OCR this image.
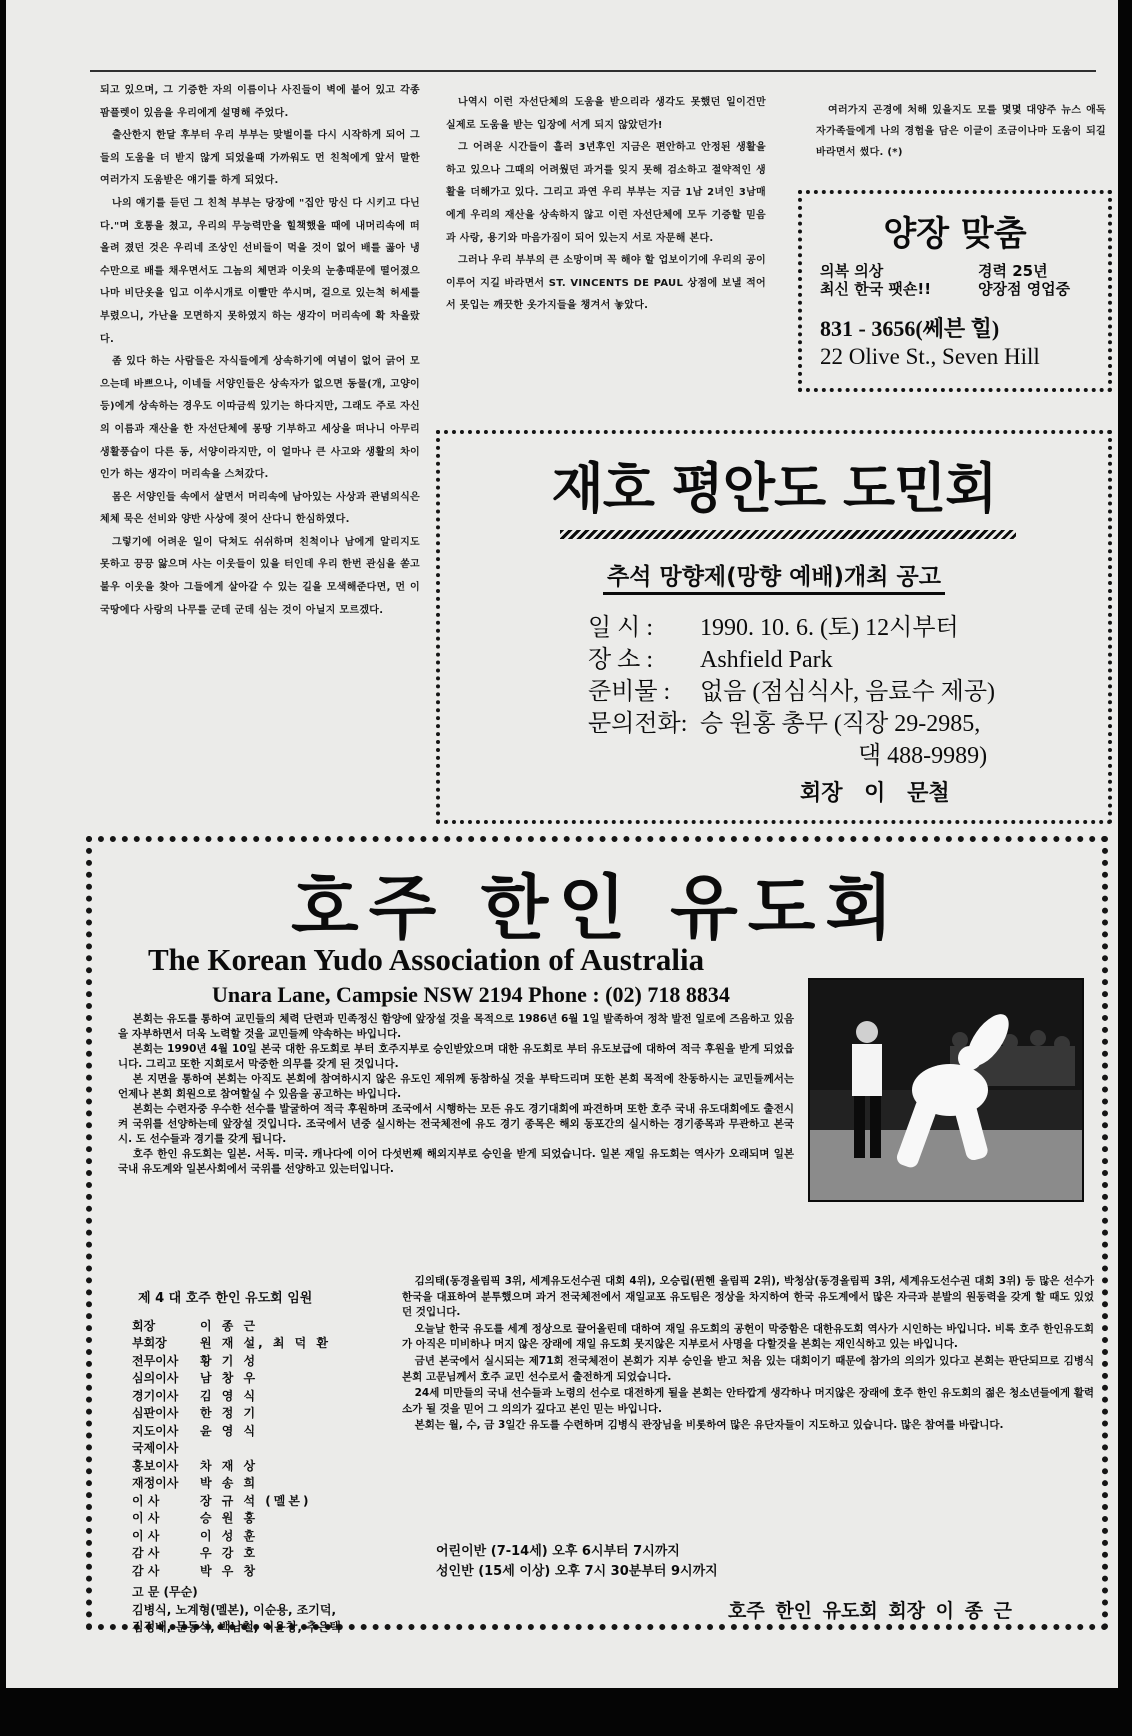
되고 있으며, 그 기증한 자의 이름이나 사진들이 벽에 붙어 있고 각종 팜플렛이 있음을 우리에게 설명해 주었다.

출산한지 한달 후부터 우리 부부는 맞벌이를 다시 시작하게 되어 그들의 도움을 더 받지 않게 되었을때 가까워도 먼 친척에게 앞서 말한 여러가지 도움받은 얘기를 하게 되었다.

나의 얘기를 듣던 그 친척 부부는 당장에 "집안 망신 다 시키고 다닌다."며 호통을 쳤고, 우리의 무능력만을 힐책했을 때에 내머리속에 떠올려 졌던 것은 우리네 조상인 선비들이 먹을 것이 없어 배를 곯아 냉수만으로 배를 채우면서도 그놈의 체면과 이웃의 눈총때문에 떨어졌으나마 비단옷을 입고 이쑤시개로 이빨만 쑤시며, 걸으로 있는척 허세를 부렸으니, 가난을 모면하지 못하였지 하는 생각이 머리속에 확 차올랐다.

좀 있다 하는 사람들은 자식들에게 상속하기에 여념이 없어 긁어 모으는데 바쁘으나, 이네들 서양인들은 상속자가 없으면 동물(개, 고양이등)에게 상속하는 경우도 이따금씩 있기는 하다지만, 그래도 주로 자신의 이름과 재산을 한 자선단체에 몽땅 기부하고 세상을 떠나니 아무리 생활풍습이 다른 동, 서양이라지만, 이 얼마나 큰 사고와 생활의 차이인가 하는 생각이 머리속을 스쳐갔다.

몸은 서양인들 속에서 살면서 머리속에 남아있는 사상과 관념의식은 체체 묵은 선비와 양반 사상에 젖어 산다니 한심하였다.

그렇기에 어려운 일이 닥쳐도 쉬쉬하며 친척이나 남에게 알리지도 못하고 끙끙 앓으며 사는 이웃들이 있을 터인데 우리 한번 관심을 쏟고 불우 이웃을 찾아 그들에게 살아갈 수 있는 길을 모색해준다면, 먼 이국땅에다 사랑의 나무를 군데 군데 심는 것이 아닐지 모르겠다.

나역시 이런 자선단체의 도움을 받으리라 생각도 못했던 일이건만 실제로 도움을 받는 입장에 서게 되지 않았던가!

그 어려운 시간들이 흘러 3년후인 지금은 편안하고 안정된 생활을 하고 있으나 그때의 어려웠던 과거를 잊지 못해 검소하고 절약적인 생활을 더해가고 있다. 그리고 과연 우리 부부는 지금 1남 2녀인 3남매에게 우리의 재산을 상속하지 않고 이런 자선단체에 모두 기증할 믿음과 사랑, 용기와 마음가짐이 되어 있는지 서로 자문해 본다.

그러나 우리 부부의 큰 소망이며 꼭 해야 할 업보이기에 우리의 공이 이루어 지길 바라면서 ST. VINCENTS DE PAUL 상점에 보낼 적어서 못입는 깨끗한 옷가지들을 챙겨서 놓았다.

여러가지 곤경에 처해 있을지도 모를 몇몇 대양주 뉴스 애독자가족들에게 나의 경험을 담은 이글이 조금이나마 도움이 되길 바라면서 썼다. (*)

양장 맞춤
의복 의상	경력 25년
최신 한국 팻숀!!	양장점 영업중
831 - 3656(쎄븐 힐)
22 Olive St., Seven Hill
재호 평안도 도민회
추석 망향제(망향 예배)개최 공고
일 시 : 1990. 10. 6. (토) 12시부터
장 소 : Ashfield Park
준비물 : 없음 (점심식사, 음료수 제공)
문의전화: 승 원홍 총무 (직장 29-2985,
댁 488-9989)
회장 이 문철
호주 한인 유도회
The Korean Yudo Association of Australia
Unara Lane, Campsie NSW 2194 Phone : (02) 718 8834

본회는 유도를 통하여 교민들의 체력 단련과 민족정신 함양에 앞장설 것을 목적으로 1986년 6월 1일 발족하여 정착 발전 일로에 즈음하고 있음을 자부하면서 더욱 노력할 것을 교민들께 약속하는 바입니다.

본회는 1990년 4월 10일 본국 대한 유도회로 부터 호주지부로 승인받았으며 대한 유도회로 부터 유도보급에 대하여 적극 후원을 받게 되었읍니다. 그리고 또한 지회로서 막중한 의무를 갖게 된 것입니다.

본 지면을 통하여 본회는 아직도 본회에 참여하시지 않은 유도인 제위께 동참하실 것을 부탁드리며 또한 본회 목적에 찬동하시는 교민들께서는 언제나 본회 회원으로 참여할실 수 있음을 공고하는 바입니다.

본회는 수련자중 우수한 선수를 발굴하여 적극 후원하며 조국에서 시행하는 모든 유도 경기대회에 파견하며 또한 호주 국내 유도대회에도 출전시켜 국위를 선양하는데 앞장설 것입니다. 조국에서 년중 실시하는 전국체전에 유도 경기 종목은 해외 동포간의 실시하는 경기종목과 무관하고 본국 시. 도 선수들과 경기를 갖게 됩니다.

호주 한인 유도회는 일본. 서독. 미국. 캐나다에 이어 다섯번째 해외지부로 승인을 받게 되었습니다. 일본 재일 유도회는 역사가 오래되며 일본 국내 유도계와 일본사회에서 국위를 선양하고 있는터입니다.

제 4 대 호주 한인 유도회 임원
회장	이 종 근
부회장	원 재 설, 최 덕 환
전무이사	황 기 성
심의이사	남 창 우
경기이사	김 영 식
심판이사	한 정 기
지도이사	윤 영 식
국제이사
홍보이사	차 재 상
재정이사	박 송 희
이 사	장 규 석 (멜본)
이 사	승 원 홍
이 사	이 성 훈
감 사	우 강 호
감 사	박 우 창
고 문 (무순)
김병식, 노계형(멜본), 이순용, 조기덕,
김정배, 문동석, 백남철, 이윤창, 추은택

김의태(동경올림픽 3위, 세계유도선수권 대회 4위), 오승립(뮌헨 올림픽 2위), 박청삼(동경올림픽 3위, 세계유도선수권 대회 3위) 등 많은 선수가 한국을 대표하여 분투했으며 과거 전국체전에서 재일교포 유도팀은 정상을 차지하여 한국 유도계에서 많은 자극과 분발의 원동력을 갖게 할 때도 있었던 것입니다.

오늘날 한국 유도를 세계 정상으로 끌어올린데 대하여 재일 유도회의 공헌이 막중함은 대한유도회 역사가 시인하는 바입니다. 비록 호주 한인유도회가 아직은 미비하나 머지 않은 장래에 재일 유도회 못지않은 지부로서 사명을 다할것을 본회는 재인식하고 있는 바입니다.

금년 본국에서 실시되는 제71회 전국체전이 본회가 지부 승인을 받고 처음 있는 대회이기 때문에 참가의 의의가 있다고 본회는 판단되므로 김병식 본회 고문님께서 호주 교민 선수로서 출전하게 되었습니다.

24세 미만들의 국내 선수들과 노령의 선수로 대전하게 될을 본회는 안타깝게 생각하나 머지않은 장래에 호주 한인 유도회의 젊은 청소년들에게 활력소가 될 것을 믿어 그 의의가 깊다고 본인 믿는 바입니다.

본회는 월, 수, 금 3일간 유도를 수련하며 김병식 관장님을 비롯하여 많은 유단자들이 지도하고 있습니다. 많은 참여를 바랍니다.

어린이반 (7-14세) 오후 6시부터 7시까지
성인반 (15세 이상) 오후 7시 30분부터 9시까지
호주 한인 유도회 회장 이 종 근
